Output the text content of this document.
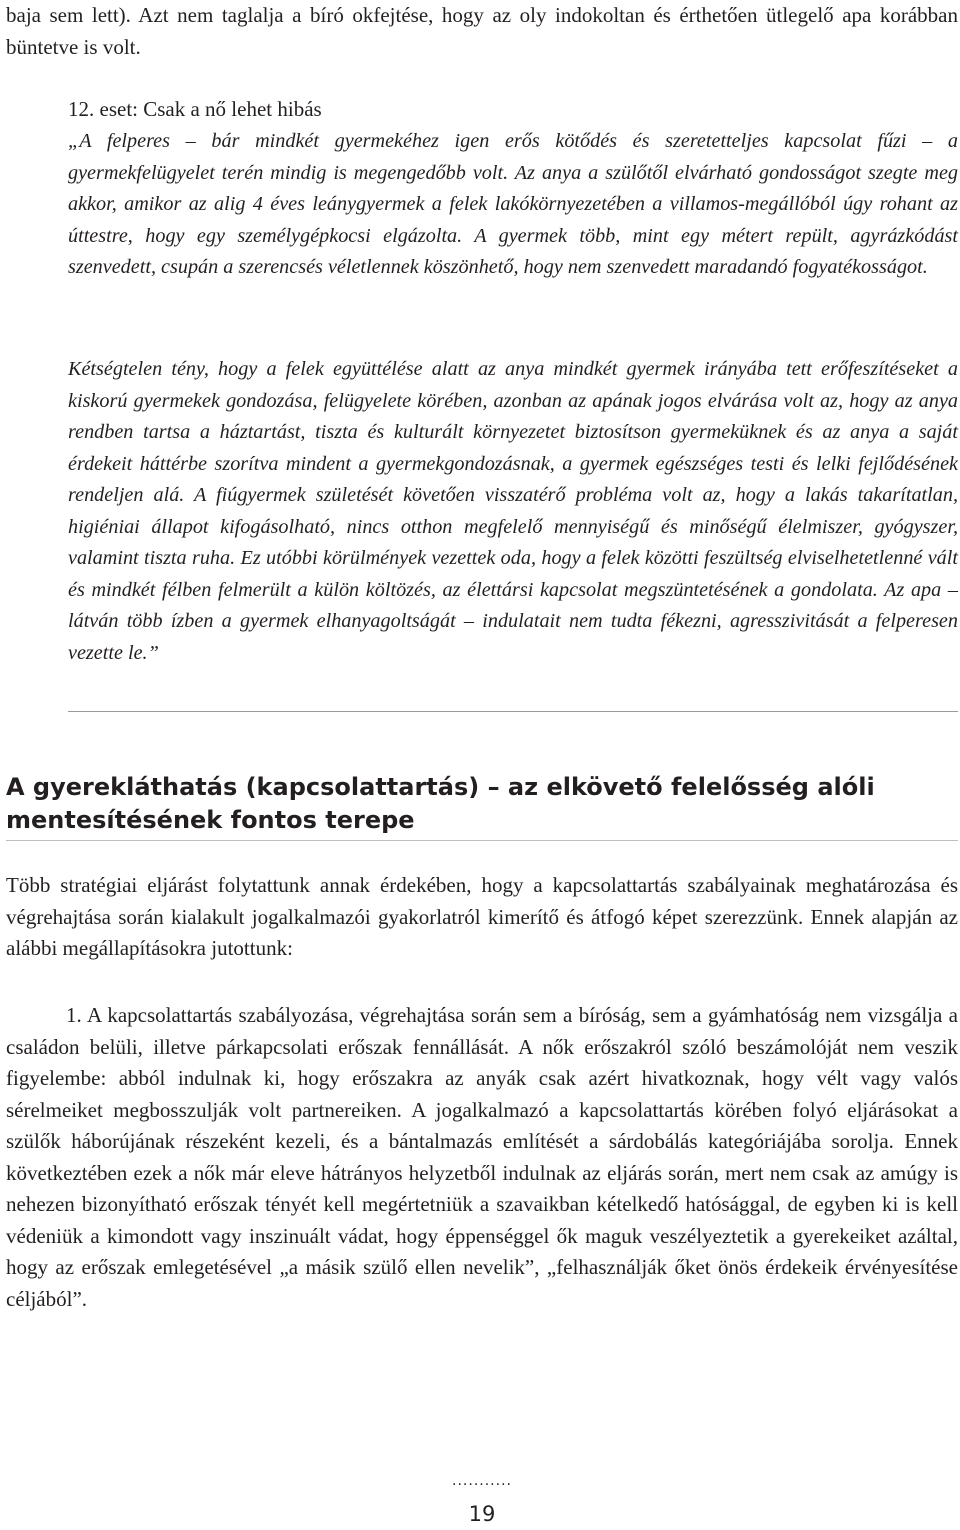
baja sem lett). Azt nem taglalja a bíró okfejtése, hogy az oly indokoltan és érthetően ütlegelő apa korábban büntetve is volt.
12. eset: Csak a nő lehet hibás
„A felperes – bár mindkét gyermekéhez igen erős kötődés és szeretetteljes kapcsolat fűzi – a gyermekfelügyelet terén mindig is megengedőbb volt. Az anya a szülőtől elvárható gondosságot szegte meg akkor, amikor az alig 4 éves leánygyermek a felek lakókörnyezetében a villamos-megállóból úgy rohant az úttestre, hogy egy személygépkocsi elgázolta. A gyermek több, mint egy métert repült, agyrázkódást szenvedett, csupán a szerencsés véletlennek köszönhető, hogy nem szenvedett maradandó fogyatékosságot.
Kétségtelen tény, hogy a felek együttélése alatt az anya mindkét gyermek irányába tett erőfeszítéseket a kiskorú gyermekek gondozása, felügyelete körében, azonban az apának jogos elvárása volt az, hogy az anya rendben tartsa a háztartást, tiszta és kulturált környezetet biztosítson gyermeküknek és az anya a saját érdekeit háttérbe szorítva mindent a gyermekgondozásnak, a gyermek egészséges testi és lelki fejlődésének rendeljen alá. A fiúgyermek születését követően visszatérő probléma volt az, hogy a lakás takarítatlan, higiéniai állapot kifogásolható, nincs otthon megfelelő mennyiségű és minőségű élelmiszer, gyógyszer, valamint tiszta ruha. Ez utóbbi körülmények vezettek oda, hogy a felek közötti feszültség elviselhetetlenné vált és mindkét félben felmerült a külön költözés, az élettársi kapcsolat megszüntetésének a gondolata. Az apa – látván több ízben a gyermek elhanyagoltságát – indulatait nem tudta fékezni, agresszivitását a felperesen vezette le.”
A gyerekláthatás (kapcsolattartás) – az elkövető felelősség alóli mentesítésének fontos terepe
Több stratégiai eljárást folytattunk annak érdekében, hogy a kapcsolattartás szabályainak meghatározása és végrehajtása során kialakult jogalkalmazói gyakorlatról kimerítő és átfogó képet szerezzünk. Ennek alapján az alábbi megállapításokra jutottunk:
1. A kapcsolattartás szabályozása, végrehajtása során sem a bíróság, sem a gyámhatóság nem vizsgálja a családon belüli, illetve párkapcsolati erőszak fennállását. A nők erőszakról szóló beszámolóját nem veszik figyelembe: abból indulnak ki, hogy erőszakra az anyák csak azért hivatkoznak, hogy vélt vagy valós sérelmeiket megbosszulják volt partnereiken. A jogalkalmazó a kapcsolattartás körében folyó eljárásokat a szülők háborújának részeként kezeli, és a bántalmazás említését a sárdobálás kategóriájába sorolja. Ennek következtében ezek a nők már eleve hátrányos helyzetből indulnak az eljárás során, mert nem csak az amúgy is nehezen bizonyítható erőszak tényét kell megértetniük a szavaikban kételkedő hatósággal, de egyben ki is kell védeniük a kimondott vagy inszinuált vádat, hogy éppenséggel ők maguk veszélyeztetik a gyerekeiket azáltal, hogy az erőszak emlegetésével „a másik szülő ellen nevelik”, „felhasználják őket önös érdekeik érvényesítése céljából”.
...........
19
